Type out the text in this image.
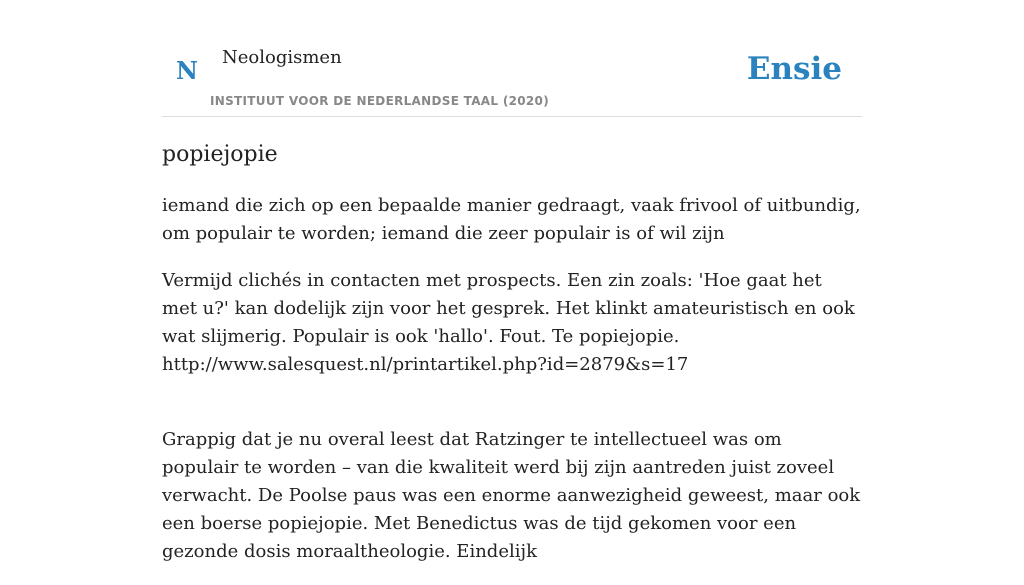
N Neologismen
INSTITUUT VOOR DE NEDERLANDSE TAAL (2020)
Ensie
popiejopie

iemand die zich op een bepaalde manier gedraagt, vaak frivool of uitbundig, om populair te worden; iemand die zeer populair is of wil zijn

Vermijd clichés in contacten met prospects. Een zin zoals: 'Hoe gaat het met u?' kan dodelijk zijn voor het gesprek. Het klinkt amateuristisch en ook wat slijmerig. Populair is ook 'hallo'. Fout. Te popiejopie.
http://www.salesquest.nl/printartikel.php?id=2879&s=17

Grappig dat je nu overal leest dat Ratzinger te intellectueel was om populair te worden – van die kwaliteit werd bij zijn aantreden juist zoveel verwacht. De Poolse paus was een enorme aanwezigheid geweest, maar ook een boerse popiejopie. Met Benedictus was de tijd gekomen voor een gezonde dosis moraaltheologie. Eindelijk
